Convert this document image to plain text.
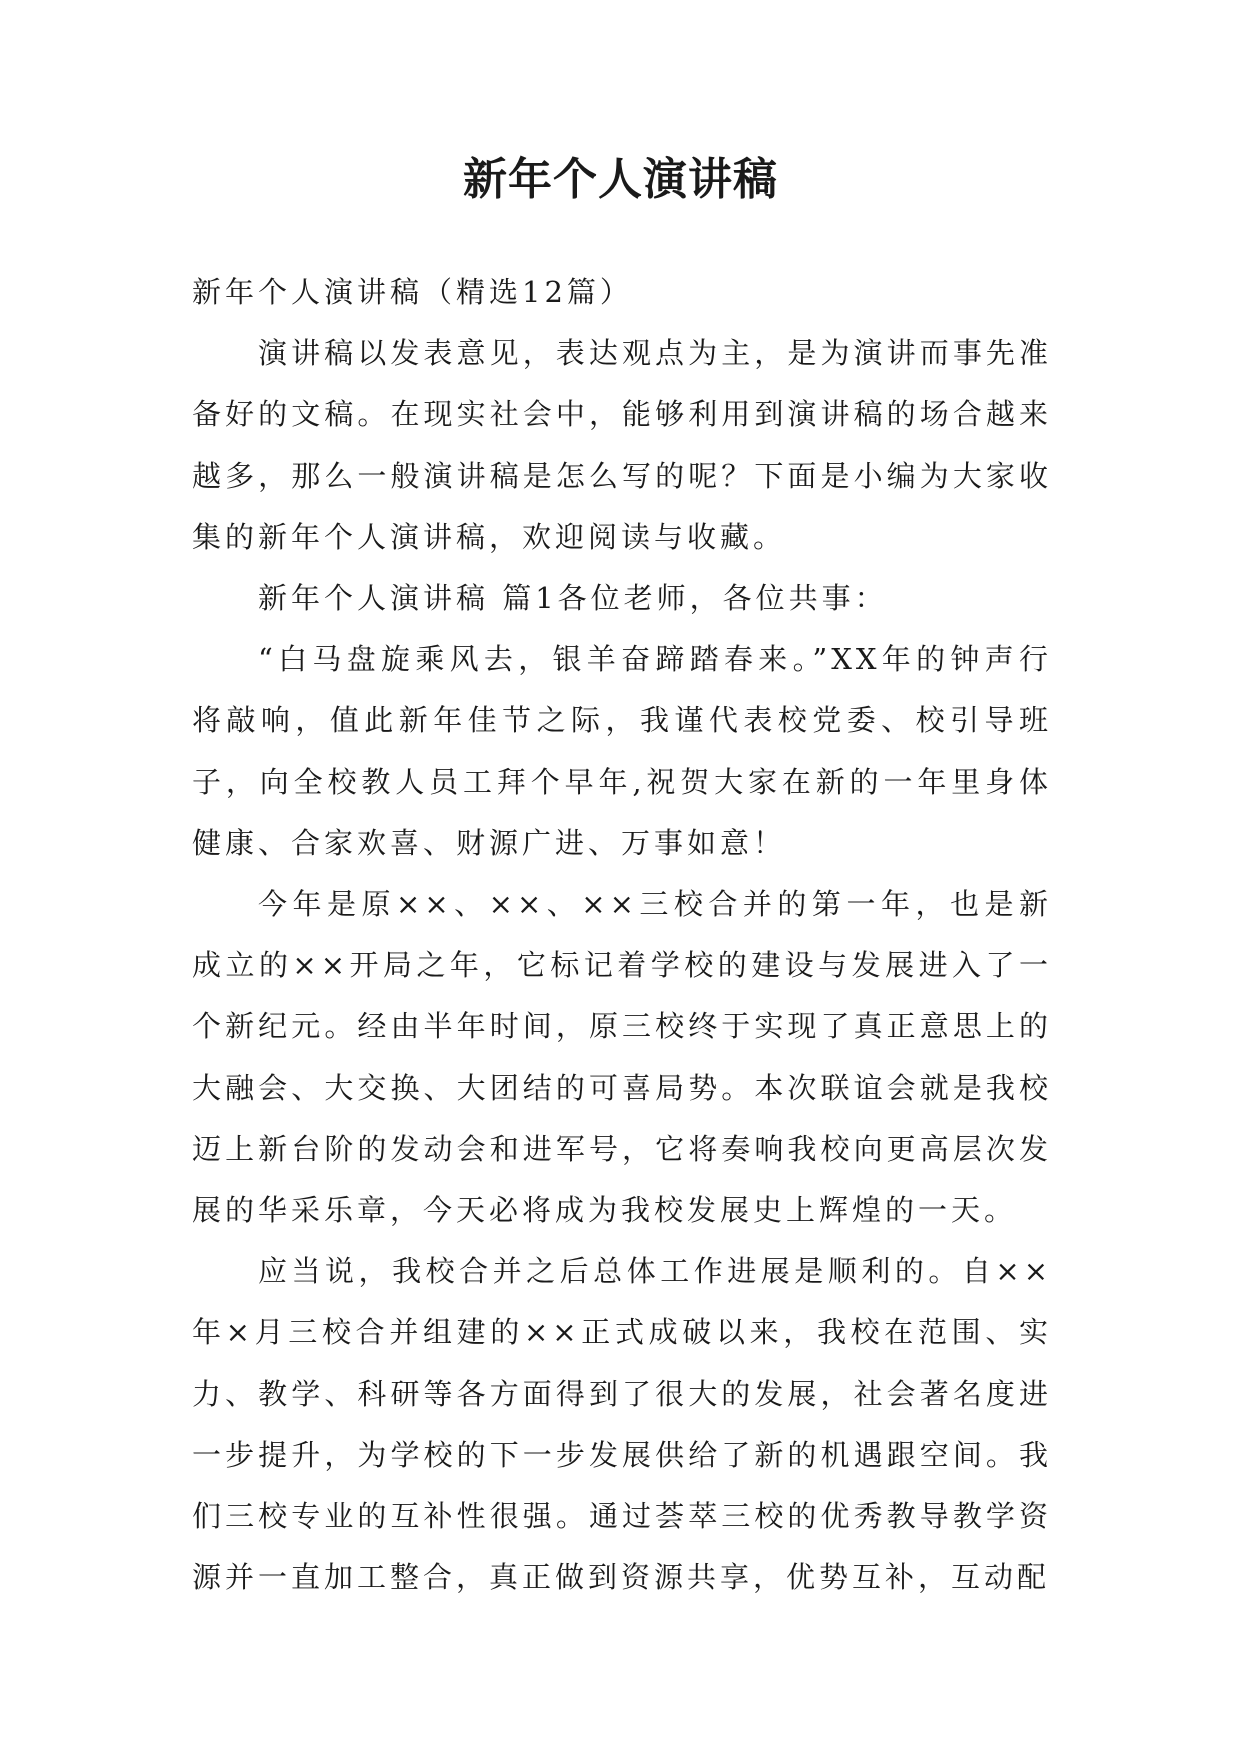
新年个人演讲稿

新年个人演讲稿（精选12篇）

演讲稿以发表意见，表达观点为主，是为演讲而事先准备好的文稿。在现实社会中，能够利用到演讲稿的场合越来越多，那么一般演讲稿是怎么写的呢？下面是小编为大家收集的新年个人演讲稿，欢迎阅读与收藏。

新年个人演讲稿 篇1各位老师，各位共事：

“白马盘旋乘风去，银羊奋蹄踏春来。”XX年的钟声行将敲响，值此新年佳节之际，我谨代表校党委、校引导班子，向全校教人员工拜个早年,祝贺大家在新的一年里身体健康、合家欢喜、财源广进、万事如意！

今年是原××、××、××三校合并的第一年，也是新成立的××开局之年，它标记着学校的建设与发展进入了一个新纪元。经由半年时间，原三校终于实现了真正意思上的大融会、大交换、大团结的可喜局势。本次联谊会就是我校迈上新台阶的发动会和进军号，它将奏响我校向更高层次发展的华采乐章，今天必将成为我校发展史上辉煌的一天。

应当说，我校合并之后总体工作进展是顺利的。自××年×月三校合并组建的××正式成破以来，我校在范围、实力、教学、科研等各方面得到了很大的发展，社会著名度进一步提升，为学校的下一步发展供给了新的机遇跟空间。我们三校专业的互补性很强。通过荟萃三校的优秀教导教学资源并一直加工整合，真正做到资源共享，优势互补，互动配
